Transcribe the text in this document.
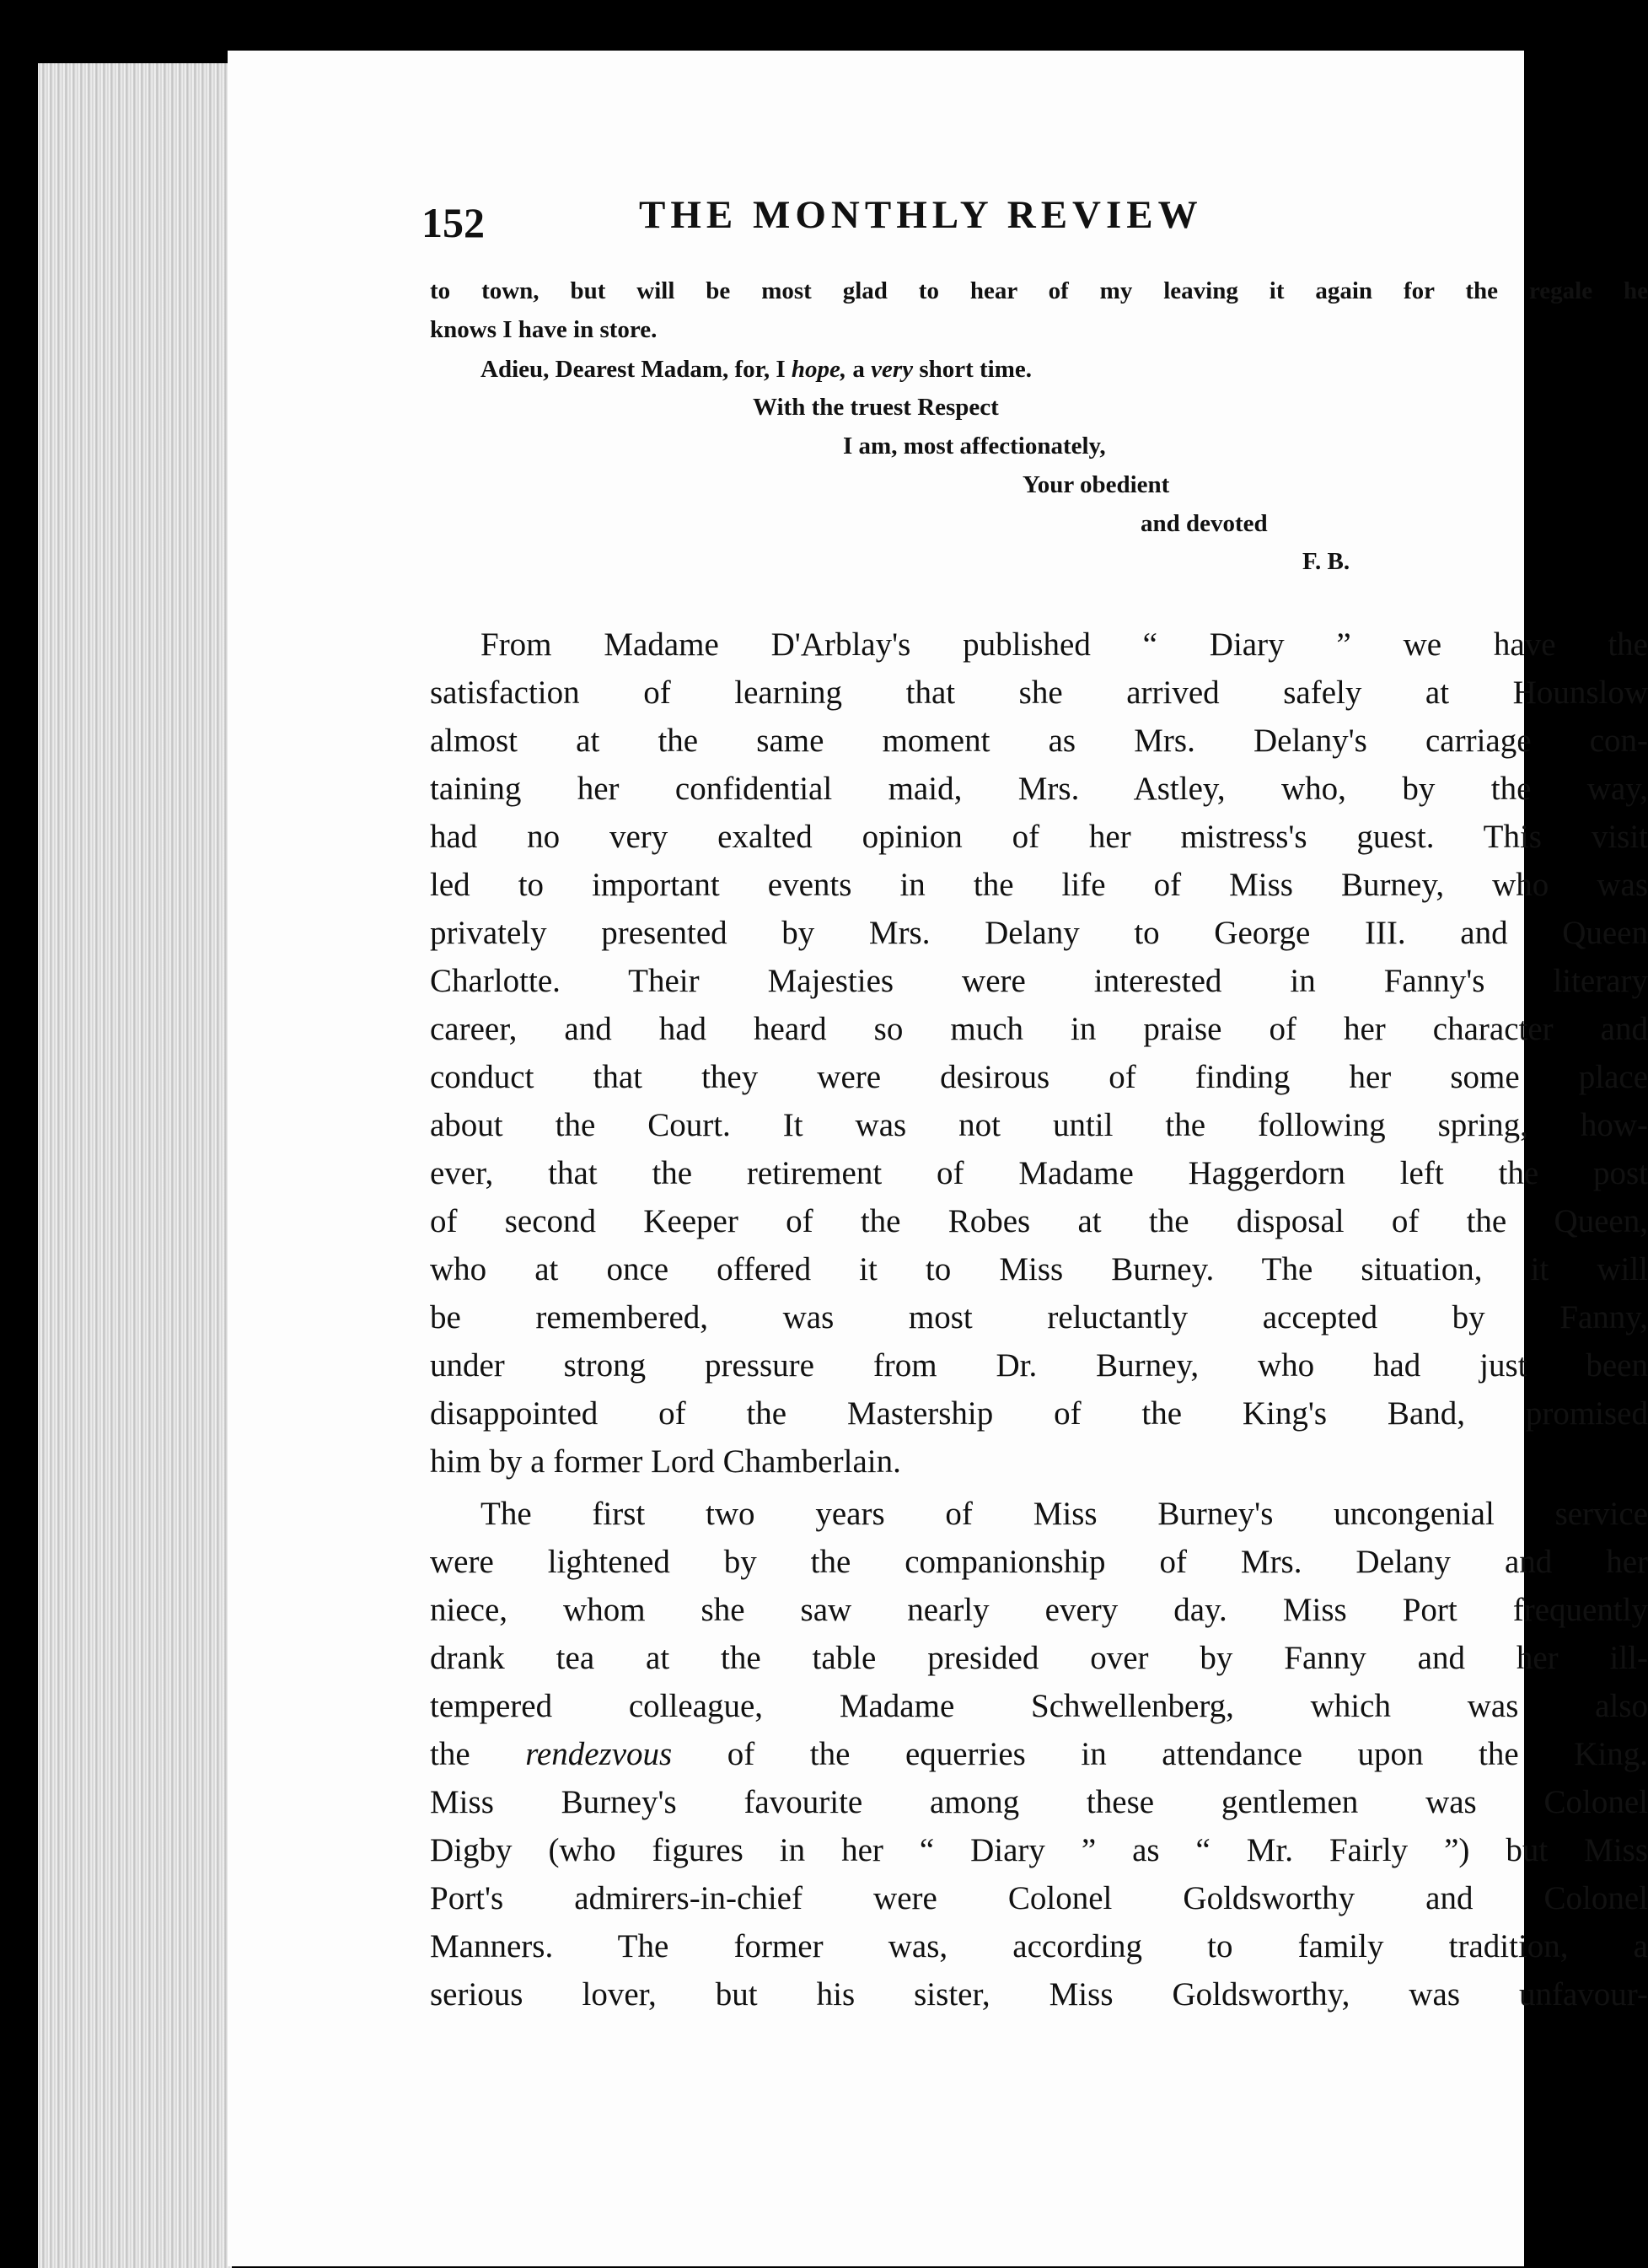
152	THE MONTHLY REVIEW
to town, but will be most glad to hear of my leaving it again for the regale he
knows I have in store.
Adieu, Dearest Madam, for, I hope, a very short time.
With the truest Respect
I am, most affectionately,
Your obedient
and devoted
F. B.
From Madame D'Arblay's published “ Diary ” we have the
satisfaction of learning that she arrived safely at Hounslow
almost at the same moment as Mrs. Delany's carriage con-
taining her confidential maid, Mrs. Astley, who, by the way,
had no very exalted opinion of her mistress's guest. This visit
led to important events in the life of Miss Burney, who was
privately presented by Mrs. Delany to George III. and Queen
Charlotte. Their Majesties were interested in Fanny's literary
career, and had heard so much in praise of her character and
conduct that they were desirous of finding her some place
about the Court. It was not until the following spring, how-
ever, that the retirement of Madame Haggerdorn left the post
of second Keeper of the Robes at the disposal of the Queen,
who at once offered it to Miss Burney. The situation, it will
be remembered, was most reluctantly accepted by Fanny,
under strong pressure from Dr. Burney, who had just been
disappointed of the Mastership of the King's Band, promised
him by a former Lord Chamberlain.
The first two years of Miss Burney's uncongenial service
were lightened by the companionship of Mrs. Delany and her
niece, whom she saw nearly every day. Miss Port frequently
drank tea at the table presided over by Fanny and her ill-
tempered colleague, Madame Schwellenberg, which was also
the rendezvous of the equerries in attendance upon the King.
Miss Burney's favourite among these gentlemen was Colonel
Digby (who figures in her “ Diary ” as “ Mr. Fairly ”) but Miss
Port's admirers-in-chief were Colonel Goldsworthy and Colonel
Manners. The former was, according to family tradition, a
serious lover, but his sister, Miss Goldsworthy, was unfavour-
